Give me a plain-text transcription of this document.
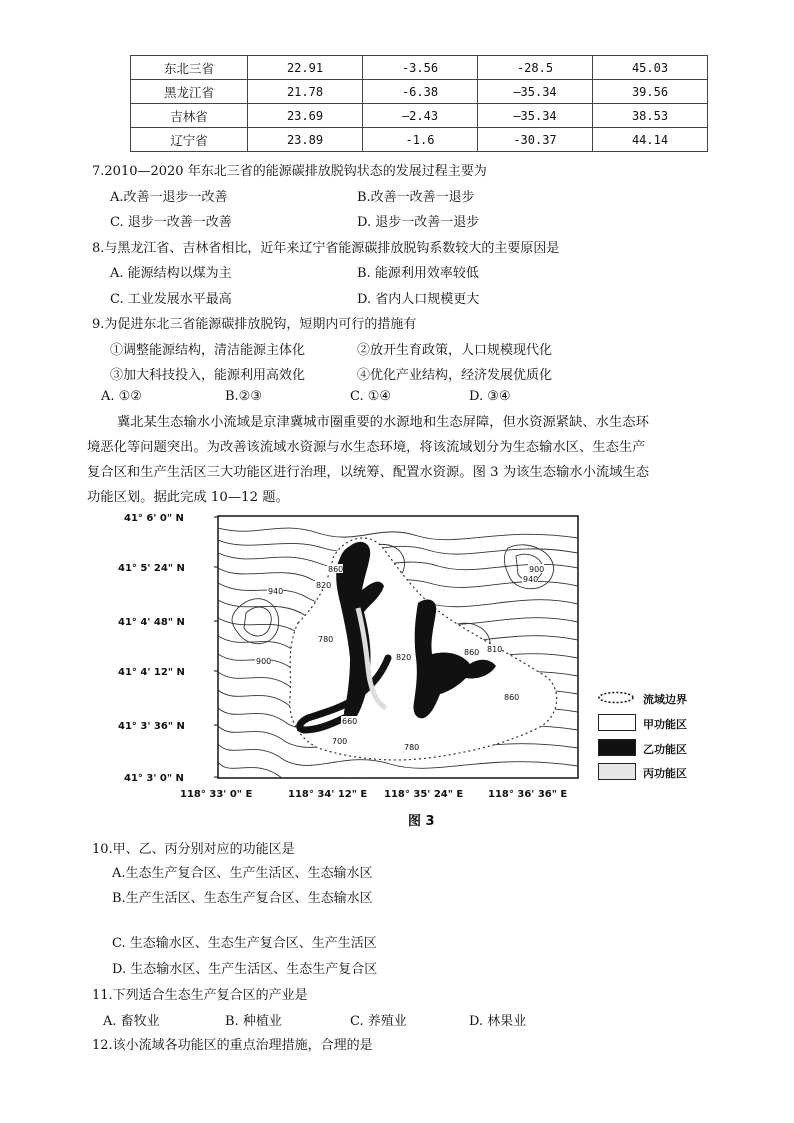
东北三省	22.91	-3.56	-28.5	45.03
黑龙江省	21.78	-6.38	—35.34	39.56
吉林省	23.69	—2.43	—35.34	38.53
辽宁省	23.89	-1.6	-30.37	44.14
7.2010—2020 年东北三省的能源碳排放脱钩状态的发展过程主要为
A.改善一退步一改善	B.改善一改善一退步
C. 退步一改善一改善	D. 退步一改善一退步
8.与黑龙江省、吉林省相比，近年来辽宁省能源碳排放脱钩系数较大的主要原因是
A. 能源结构以煤为主	B. 能源利用效率较低
C. 工业发展水平最高	D. 省内人口规模更大
9.为促进东北三省能源碳排放脱钩，短期内可行的措施有
①调整能源结构，清洁能源主体化	②放开生育政策，人口规模现代化
③加大科技投入，能源利用高效化	④优化产业结构，经济发展优质化
A. ①②	B.②③	C. ①④	D. ③④
冀北某生态输水小流域是京津冀城市圈重要的水源地和生态屏障，但水资源紧缺、水生态环
境恶化等问题突出。为改善该流域水资源与水生态环境，将该流域划分为生态输水区、生态生产
复合区和生产生活区三大功能区进行治理，以统筹、配置水资源。图 3 为该生态输水小流域生态
功能区划。据此完成 10—12 题。
860
820
940
780
900	820
860 810
900
940
860
660
700
780
41° 6' 0" N
41° 5' 24" N
41° 4' 48" N
41° 4' 12" N
41° 3' 36" N
41° 3' 0" N
118° 33' 0" E	118° 34' 12" E 118° 35' 24" E 118° 36' 36" E
流域边界
甲功能区
乙功能区
丙功能区
图 3
10.甲、乙、丙分别对应的功能区是
A.生态生产复合区、生产生活区、生态输水区
B.生产生活区、生态生产复合区、生态输水区
C. 生态输水区、生态生产复合区、生产生活区
D. 生态输水区、生产生活区、生态生产复合区
11.下列适合生态生产复合区的产业是
A. 畜牧业	B. 种植业	C. 养殖业	D. 林果业
12.该小流域各功能区的重点治理措施，合理的是
